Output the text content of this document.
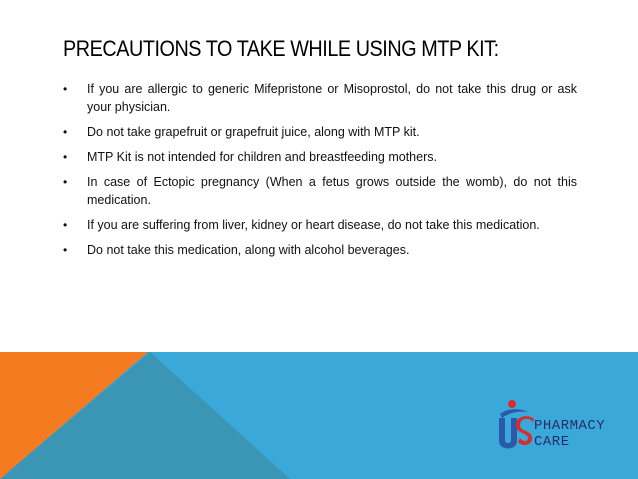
PRECAUTIONS TO TAKE WHILE USING MTP KIT:
• If you are allergic to generic Mifepristone or Misoprostol, do not take this drug or ask your physician.
• Do not take grapefruit or grapefruit juice, along with MTP kit.
• MTP Kit is not intended for children and breastfeeding mothers.
• In case of Ectopic pregnancy (When a fetus grows outside the womb), do not this medication.
• If you are suffering from liver, kidney or heart disease, do not take this medication.
• Do not take this medication, along with alcohol beverages.
US
PHARMACY
CARE
